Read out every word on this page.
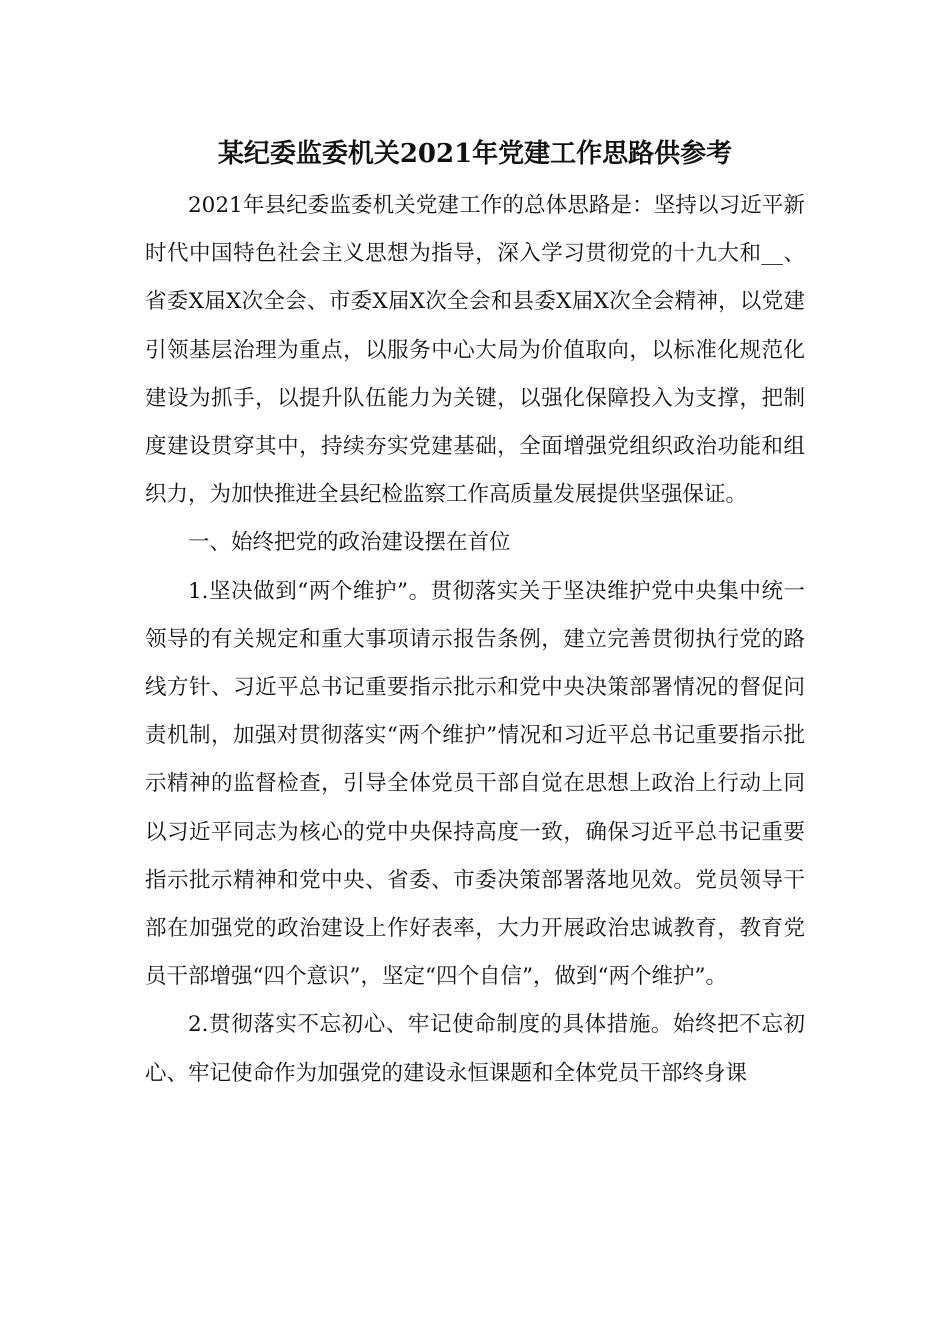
某纪委监委机关2021年党建工作思路供参考

2021年县纪委监委机关党建工作的总体思路是：坚持以习近平新时代中国特色社会主义思想为指导，深入学习贯彻党的十九大和__、省委X届X次全会、市委X届X次全会和县委X届X次全会精神，以党建引领基层治理为重点，以服务中心大局为价值取向，以标准化规范化建设为抓手，以提升队伍能力为关键，以强化保障投入为支撑，把制度建设贯穿其中，持续夯实党建基础，全面增强党组织政治功能和组织力，为加快推进全县纪检监察工作高质量发展提供坚强保证。

一、始终把党的政治建设摆在首位

1.坚决做到“两个维护”。贯彻落实关于坚决维护党中央集中统一领导的有关规定和重大事项请示报告条例，建立完善贯彻执行党的路线方针、习近平总书记重要指示批示和党中央决策部署情况的督促问责机制，加强对贯彻落实“两个维护”情况和习近平总书记重要指示批示精神的监督检查，引导全体党员干部自觉在思想上政治上行动上同以习近平同志为核心的党中央保持高度一致，确保习近平总书记重要指示批示精神和党中央、省委、市委决策部署落地见效。党员领导干部在加强党的政治建设上作好表率，大力开展政治忠诚教育，教育党员干部增强“四个意识”，坚定“四个自信”，做到“两个维护”。

2.贯彻落实不忘初心、牢记使命制度的具体措施。始终把不忘初心、牢记使命作为加强党的建设永恒课题和全体党员干部终身课
